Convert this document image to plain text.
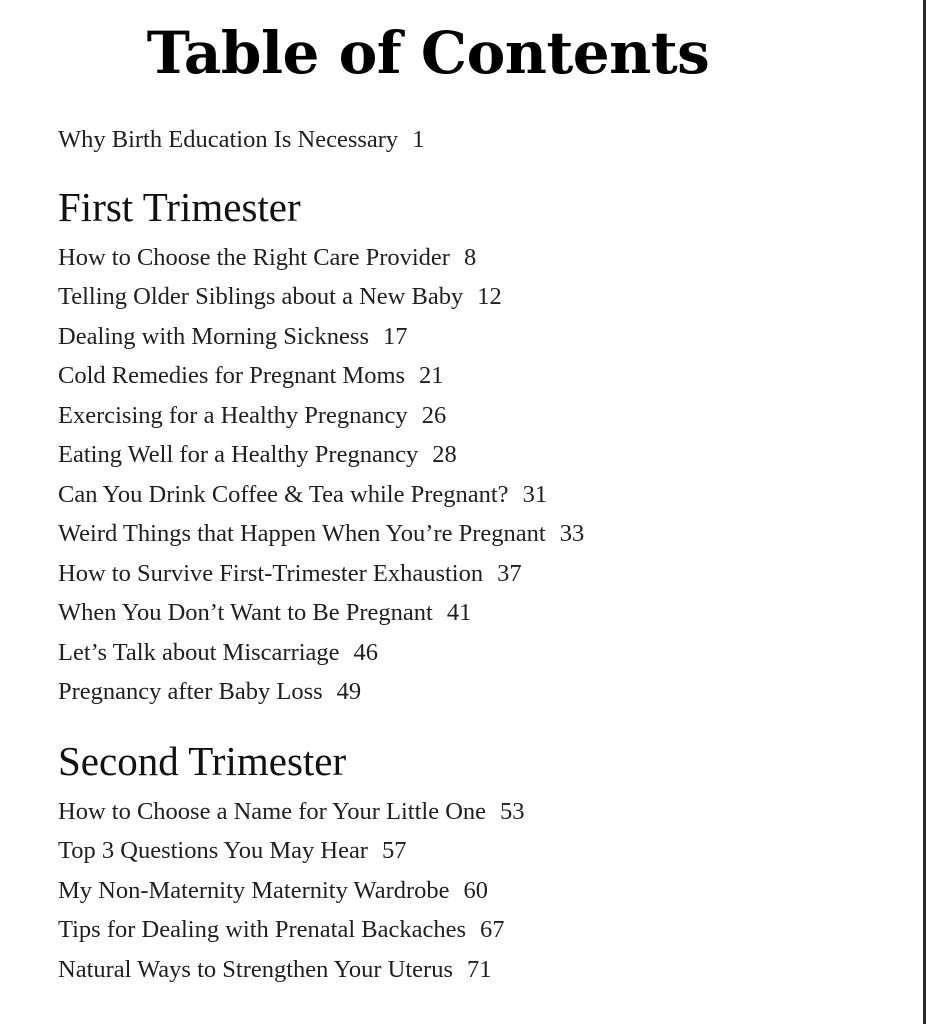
Table of Contents
Why Birth Education Is Necessary 1
First Trimester
How to Choose the Right Care Provider 8
Telling Older Siblings about a New Baby 12
Dealing with Morning Sickness 17
Cold Remedies for Pregnant Moms 21
Exercising for a Healthy Pregnancy 26
Eating Well for a Healthy Pregnancy 28
Can You Drink Coffee & Tea while Pregnant? 31
Weird Things that Happen When You’re Pregnant 33
How to Survive First-Trimester Exhaustion 37
When You Don’t Want to Be Pregnant 41
Let’s Talk about Miscarriage 46
Pregnancy after Baby Loss 49
Second Trimester
How to Choose a Name for Your Little One 53
Top 3 Questions You May Hear 57
My Non-Maternity Maternity Wardrobe 60
Tips for Dealing with Prenatal Backaches 67
Natural Ways to Strengthen Your Uterus 71
